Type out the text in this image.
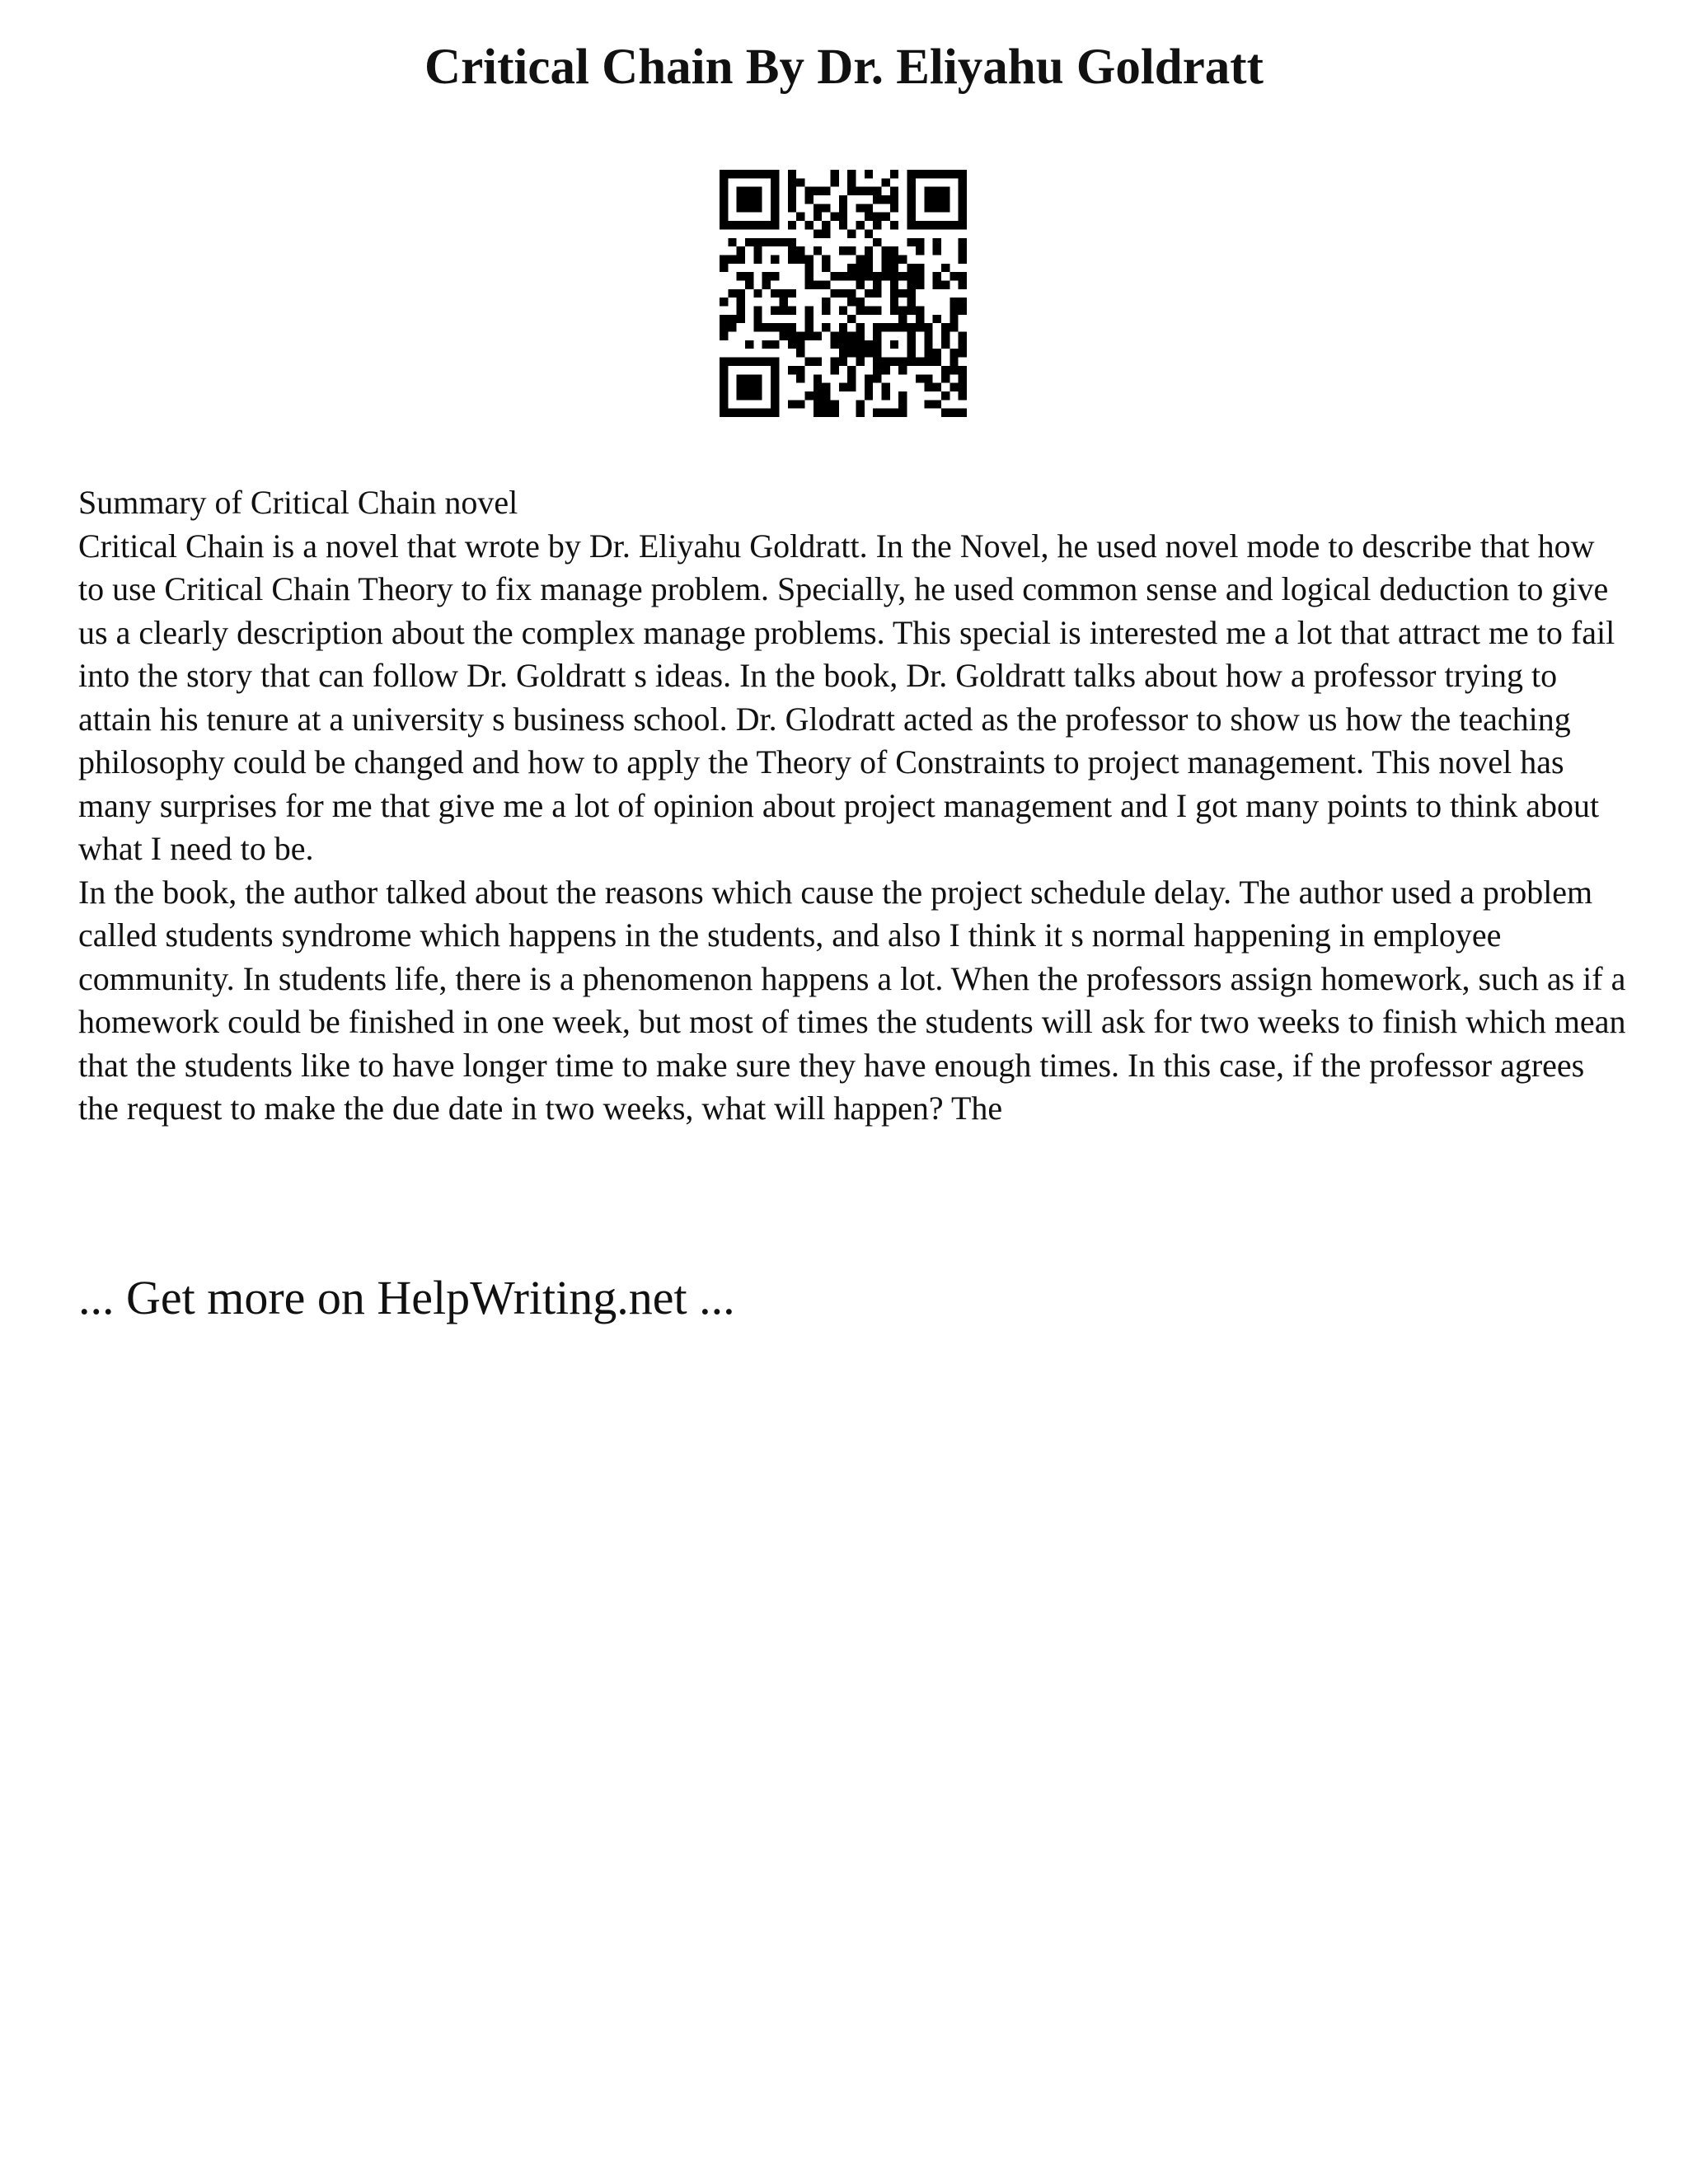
Critical Chain By Dr. Eliyahu Goldratt

Summary of Critical Chain novel

Critical Chain is a novel that wrote by Dr. Eliyahu Goldratt. In the Novel, he used novel mode to describe that how to use Critical Chain Theory to fix manage problem. Specially, he used common sense and logical deduction to give us a clearly description about the complex manage problems. This special is interested me a lot that attract me to fail into the story that can follow Dr. Goldratt s ideas. In the book, Dr. Goldratt talks about how a professor trying to attain his tenure at a university s business school. Dr. Glodratt acted as the professor to show us how the teaching philosophy could be changed and how to apply the Theory of Constraints to project management. This novel has many surprises for me that give me a lot of opinion about project management and I got many points to think about what I need to be.

In the book, the author talked about the reasons which cause the project schedule delay. The author used a problem called students syndrome which happens in the students, and also I think it s normal happening in employee community. In students life, there is a phenomenon happens a lot. When the professors assign homework, such as if a homework could be finished in one week, but most of times the students will ask for two weeks to finish which mean that the students like to have longer time to make sure they have enough times. In this case, if the professor agrees the request to make the due date in two weeks, what will happen? The

... Get more on HelpWriting.net ...
